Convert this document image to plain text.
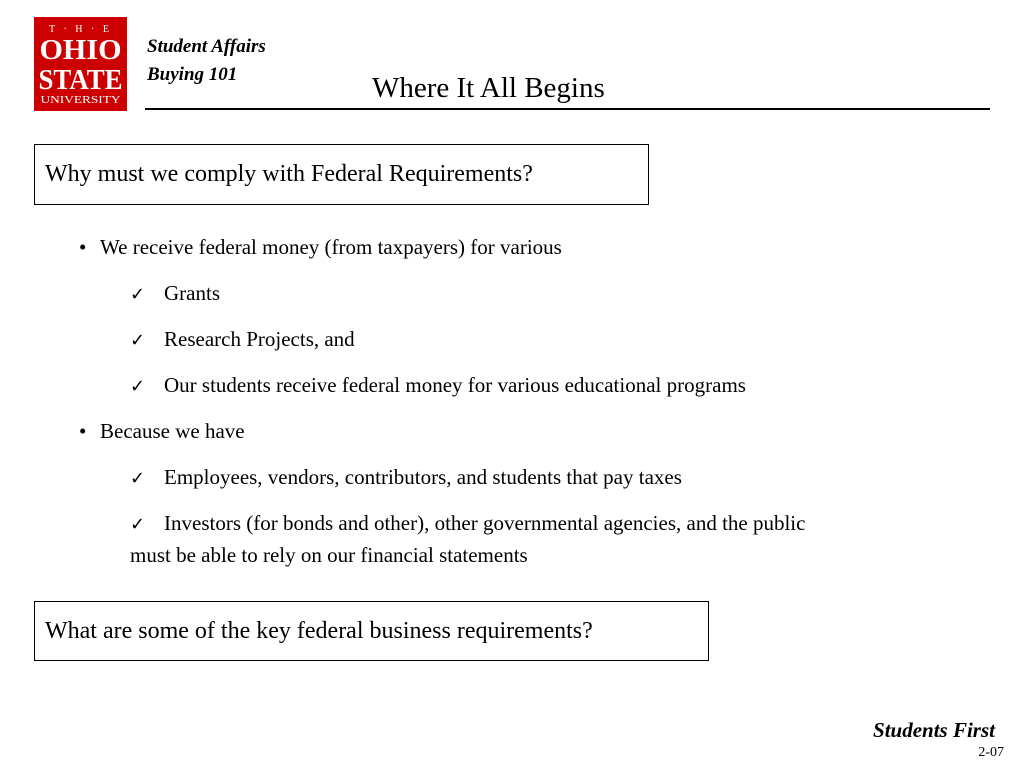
T · H · E
OHIO
STATE
UNIVERSITY
Student Affairs
Buying 101	Where It All Begins
Why must we comply with Federal Requirements?
• We receive federal money (from taxpayers) for various
✓ Grants
✓ Research Projects, and
✓ Our students receive federal money for various educational programs
• Because we have
✓ Employees, vendors, contributors, and students that pay taxes
✓ Investors (for bonds and other), other governmental agencies, and the public
must be able to rely on our financial statements
What are some of the key federal business requirements?
Students First
2-07
